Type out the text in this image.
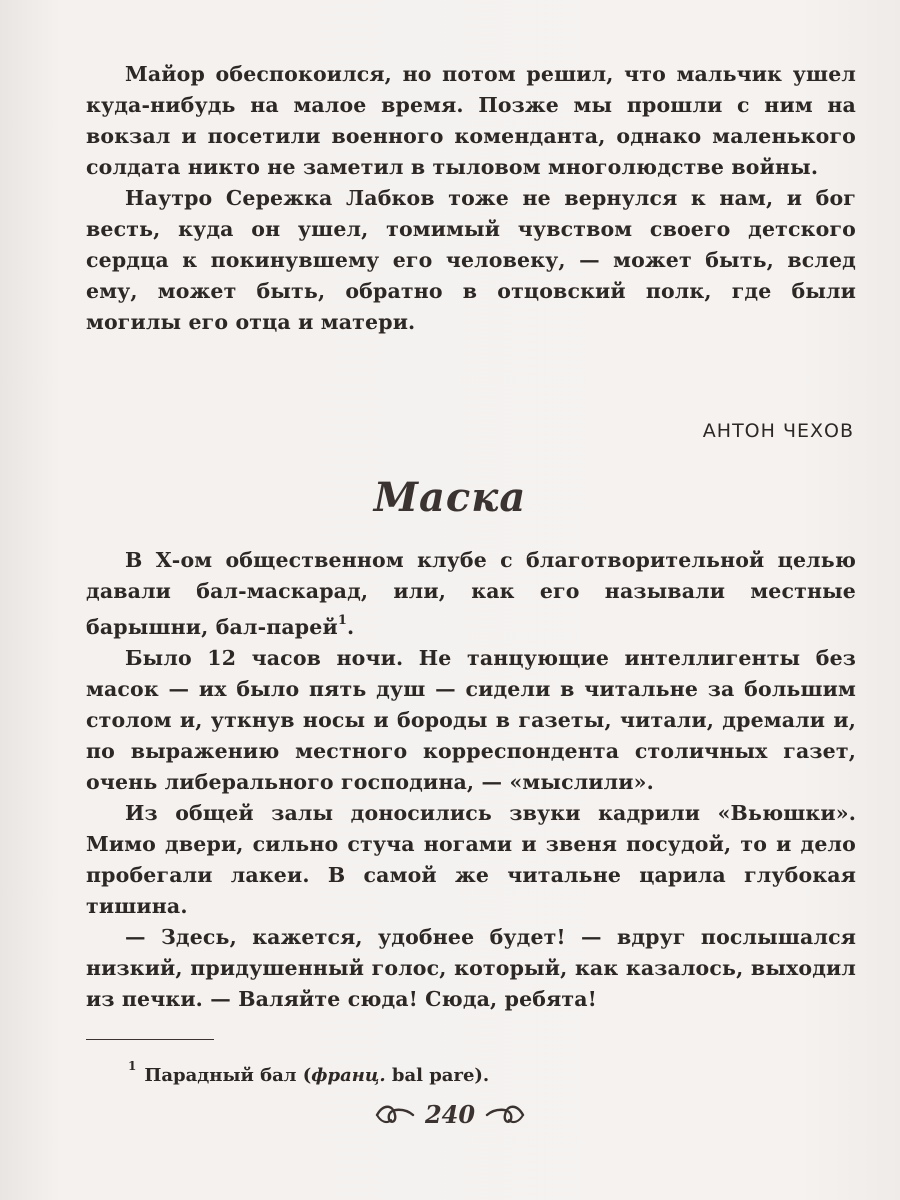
Майор обеспокоился, но потом решил, что мальчик ушел куда-нибудь на малое время. Позже мы прошли с ним на вокзал и посетили военного коменданта, однако маленького солдата никто не заметил в тыловом многолюдстве войны.

Наутро Сережка Лабков тоже не вернулся к нам, и бог весть, куда он ушел, томимый чувством своего детского сердца к покинувшему его человеку, — может быть, вслед ему, может быть, обратно в отцовский полк, где были могилы его отца и матери.

АНТОН ЧЕХОВ
Маска

В Х-ом общественном клубе с благотворительной целью давали бал-маскарад, или, как его называли местные барышни, бал-парей$^1$.

Было 12 часов ночи. Не танцующие интеллигенты без масок — их было пять душ — сидели в читальне за большим столом и, уткнув носы и бороды в газеты, читали, дремали и, по выражению местного корреспондента столичных газет, очень либерального господина, — «мыслили».

Из общей залы доносились звуки кадрили «Вьюшки». Мимо двери, сильно стуча ногами и звеня посудой, то и дело пробегали лакеи. В самой же читальне царила глубокая тишина.

— Здесь, кажется, удобнее будет! — вдруг послышался низкий, придушенный голос, который, как казалось, выходил из печки. — Валяйте сюда! Сюда, ребята!

$^1$ Парадный бал (франц. bal pare).
240
